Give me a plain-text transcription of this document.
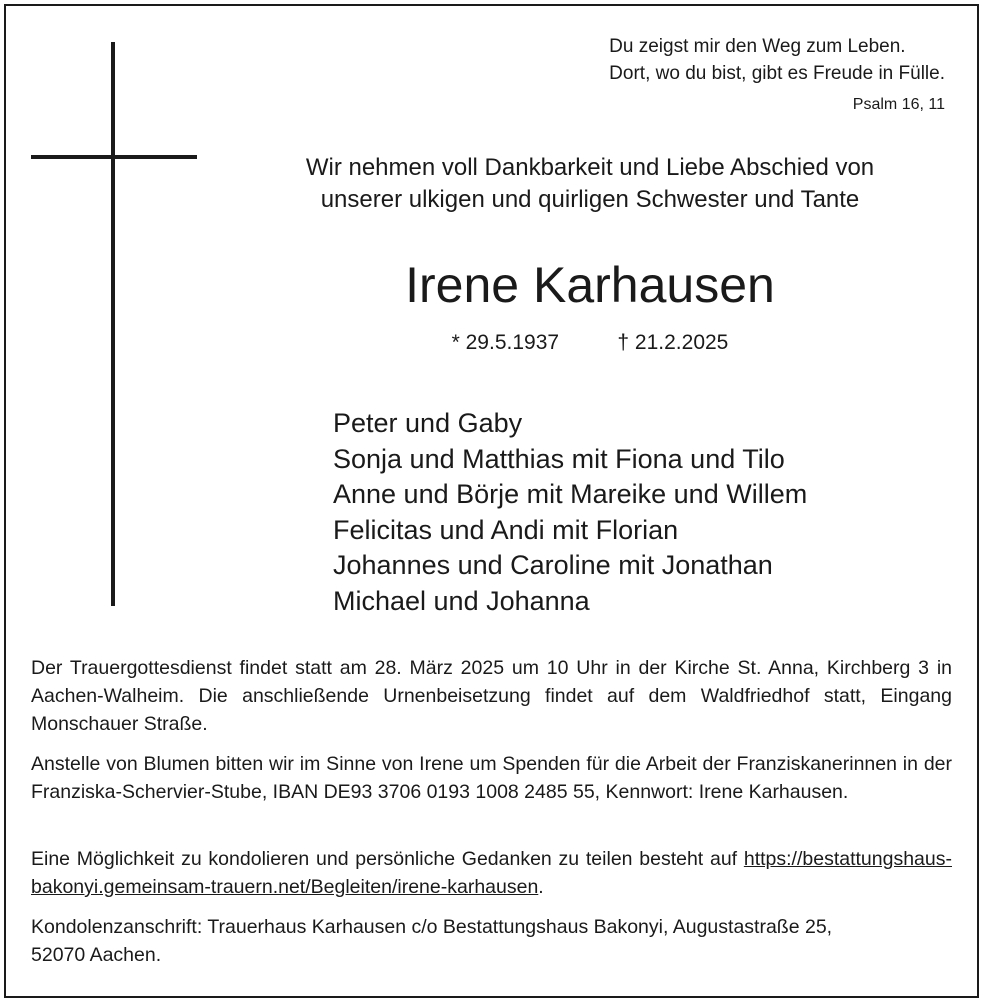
Du zeigst mir den Weg zum Leben.
Dort, wo du bist, gibt es Freude in Fülle.
Psalm 16, 11
Wir nehmen voll Dankbarkeit und Liebe Abschied von
unserer ulkigen und quirligen Schwester und Tante
Irene Karhausen
* 29.5.1937	† 21.2.2025
Peter und Gaby
Sonja und Matthias mit Fiona und Tilo
Anne und Börje mit Mareike und Willem
Felicitas und Andi mit Florian
Johannes und Caroline mit Jonathan
Michael und Johanna
Der Trauergottesdienst findet statt am 28. März 2025 um 10 Uhr in der Kirche St. Anna, Kirchberg 3 in Aachen-Walheim. Die anschließende Urnenbeisetzung findet auf dem Waldfriedhof statt, Eingang Monschauer Straße.
Anstelle von Blumen bitten wir im Sinne von Irene um Spenden für die Arbeit der Franziskanerinnen in der Franziska-Schervier-Stube, IBAN DE93 3706 0193 1008 2485 55, Kennwort: Irene Karhausen.
Eine Möglichkeit zu kondolieren und persönliche Gedanken zu teilen besteht auf https://bestattungshaus-bakonyi.gemeinsam-trauern.net/Begleiten/irene-karhausen.
Kondolenzanschrift: Trauerhaus Karhausen c/o Bestattungshaus Bakonyi, Augustastraße 25,
52070 Aachen.
